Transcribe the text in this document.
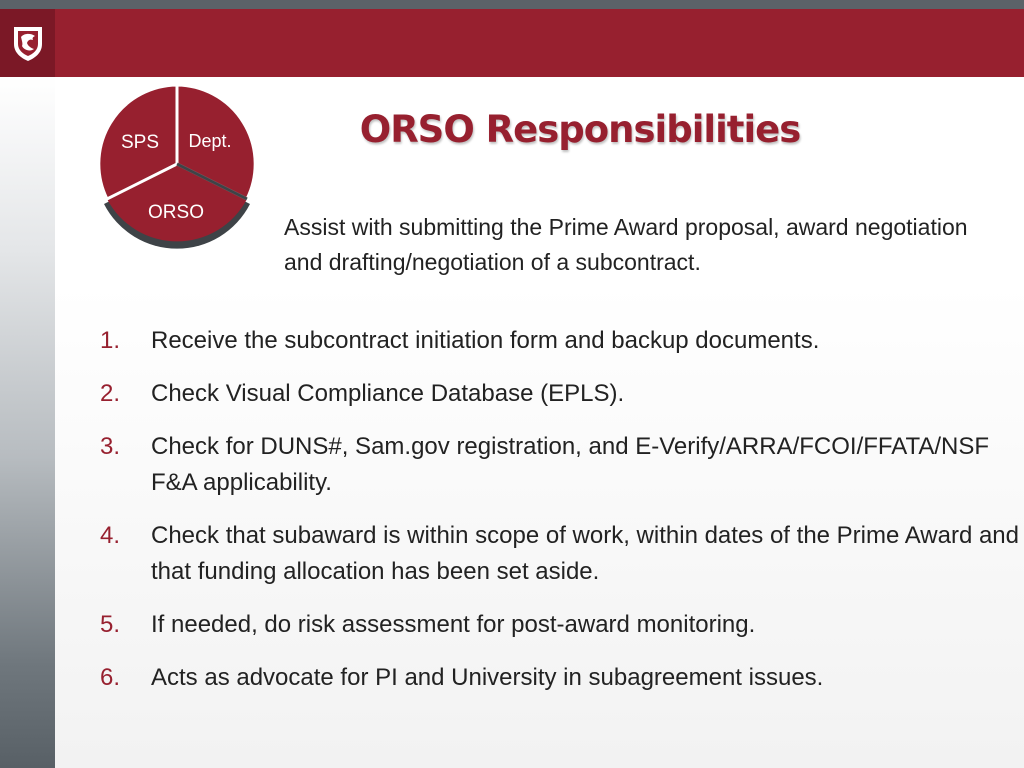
SPS Dept.
ORSO
ORSO Responsibilities
Assist with submitting the Prime Award proposal, award negotiation and drafting/negotiation of a subcontract.
1.	Receive the subcontract initiation form and backup documents.
2.	Check Visual Compliance Database (EPLS).
3.	Check for DUNS#, Sam.gov registration, and E-Verify/ARRA/FCOI/FFATA/NSF F&A applicability.
4.	Check that subaward is within scope of work, within dates of the Prime Award and that funding allocation has been set aside.
5.	If needed, do risk assessment for post-award monitoring.
6.	Acts as advocate for PI and University in subagreement issues.
